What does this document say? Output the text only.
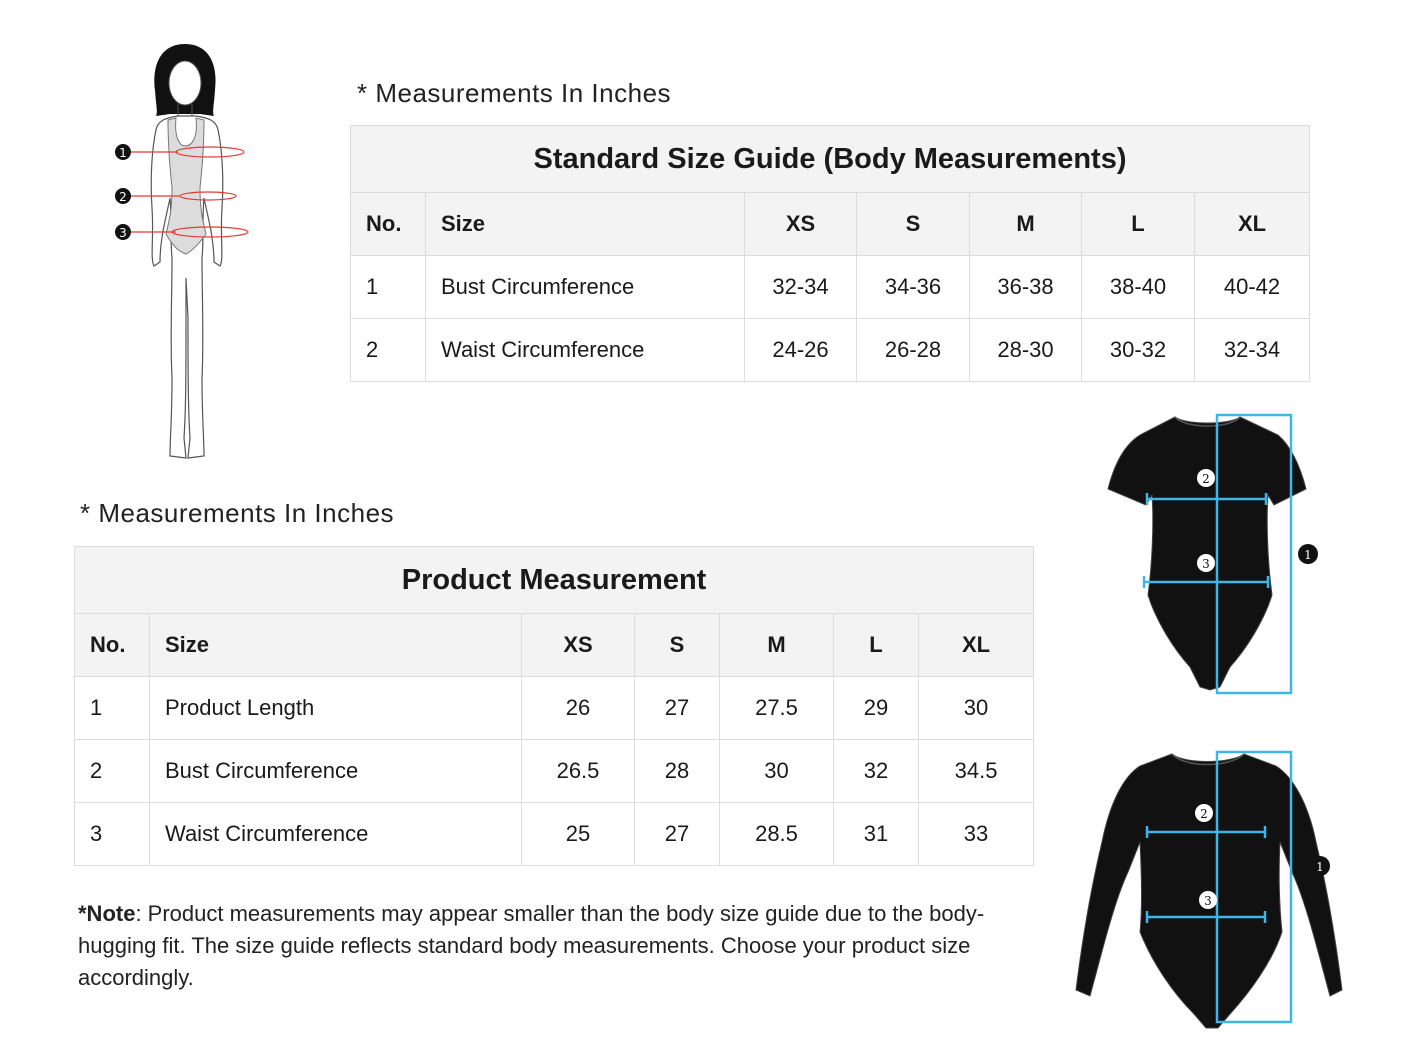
1
2
3
* Measurements In Inches
Standard Size Guide (Body Measurements)						
No.	Size	XS	S	M	L	XL
1	Bust Circumference	32-34	34-36	36-38	38-40	40-42
2	Waist Circumference	24-26	26-28	28-30	30-32	32-34
* Measurements In Inches
Product Measurement						
No.	Size	XS	S	M	L	XL
1	Product Length	26	27	27.5	29	30
2	Bust Circumference	26.5	28	30	32	34.5
3	Waist Circumference	25	27	28.5	31	33
*Note: Product measurements may appear smaller than the body size guide due to the body-hugging fit. The size guide reflects standard body measurements. Choose your product size accordingly.
2
3
1
2
3
1
